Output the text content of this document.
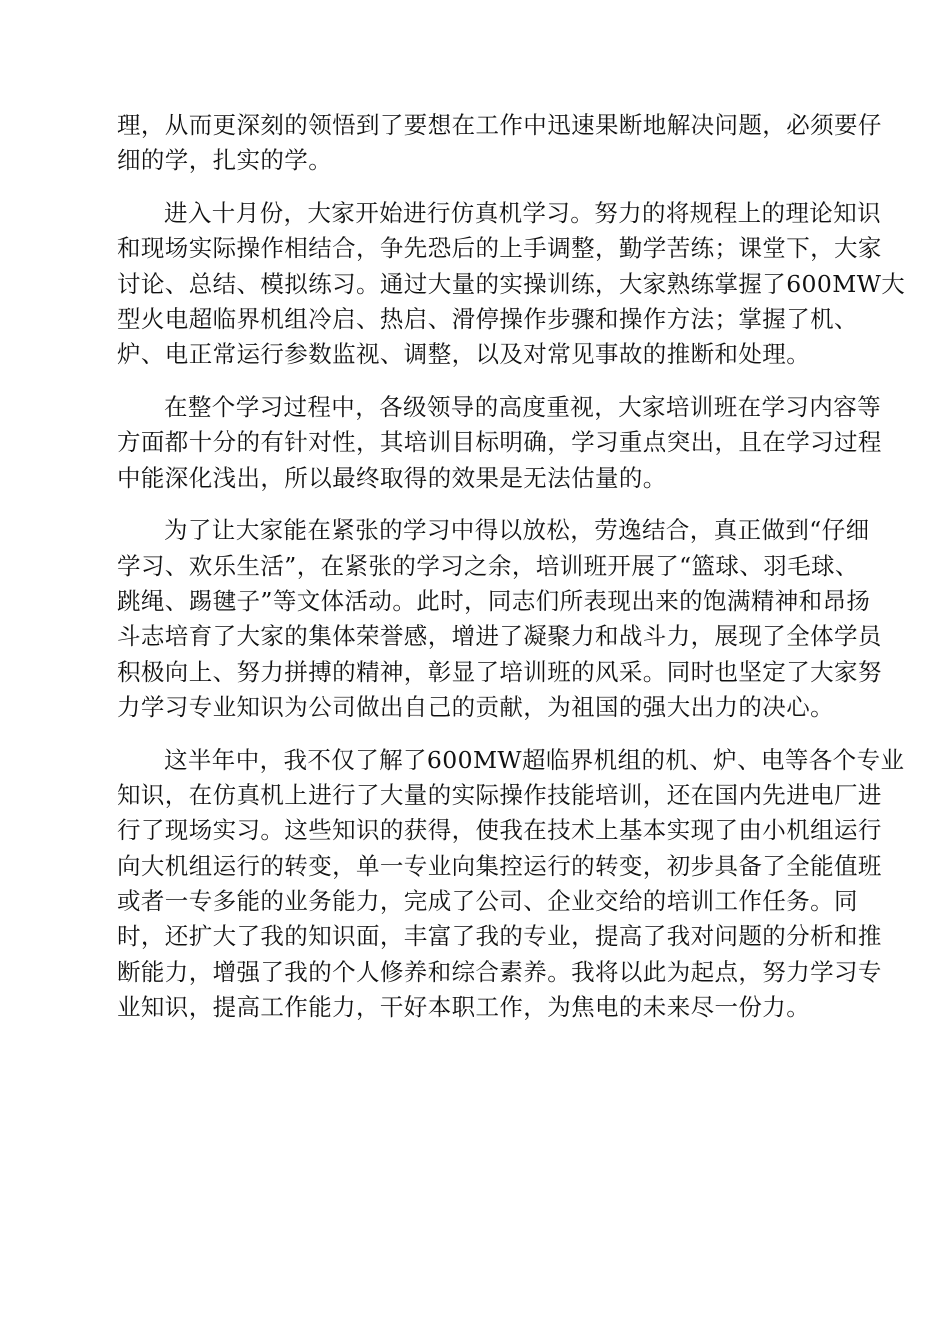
理，从而更深刻的领悟到了要想在工作中迅速果断地解决问题，必须要仔
细的学，扎实的学。
进入十月份，大家开始进行仿真机学习。努力的将规程上的理论知识
和现场实际操作相结合，争先恐后的上手调整，勤学苦练；课堂下，大家
讨论、总结、模拟练习。通过大量的实操训练，大家熟练掌握了600MW大
型火电超临界机组冷启、热启、滑停操作步骤和操作方法；掌握了机、
炉、电正常运行参数监视、调整，以及对常见事故的推断和处理。
在整个学习过程中，各级领导的高度重视，大家培训班在学习内容等
方面都十分的有针对性，其培训目标明确，学习重点突出，且在学习过程
中能深化浅出，所以最终取得的效果是无法估量的。
为了让大家能在紧张的学习中得以放松，劳逸结合，真正做到“仔细
学习、欢乐生活”，在紧张的学习之余，培训班开展了“篮球、羽毛球、
跳绳、踢毽子”等文体活动。此时，同志们所表现出来的饱满精神和昂扬
斗志培育了大家的集体荣誉感，增进了凝聚力和战斗力，展现了全体学员
积极向上、努力拼搏的精神，彰显了培训班的风采。同时也坚定了大家努
力学习专业知识为公司做出自己的贡献，为祖国的强大出力的决心。
这半年中，我不仅了解了600MW超临界机组的机、炉、电等各个专业
知识，在仿真机上进行了大量的实际操作技能培训，还在国内先进电厂进
行了现场实习。这些知识的获得，使我在技术上基本实现了由小机组运行
向大机组运行的转变，单一专业向集控运行的转变，初步具备了全能值班
或者一专多能的业务能力，完成了公司、企业交给的培训工作任务。同
时，还扩大了我的知识面，丰富了我的专业，提高了我对问题的分析和推
断能力，增强了我的个人修养和综合素养。我将以此为起点，努力学习专
业知识，提高工作能力，干好本职工作，为焦电的未来尽一份力。
